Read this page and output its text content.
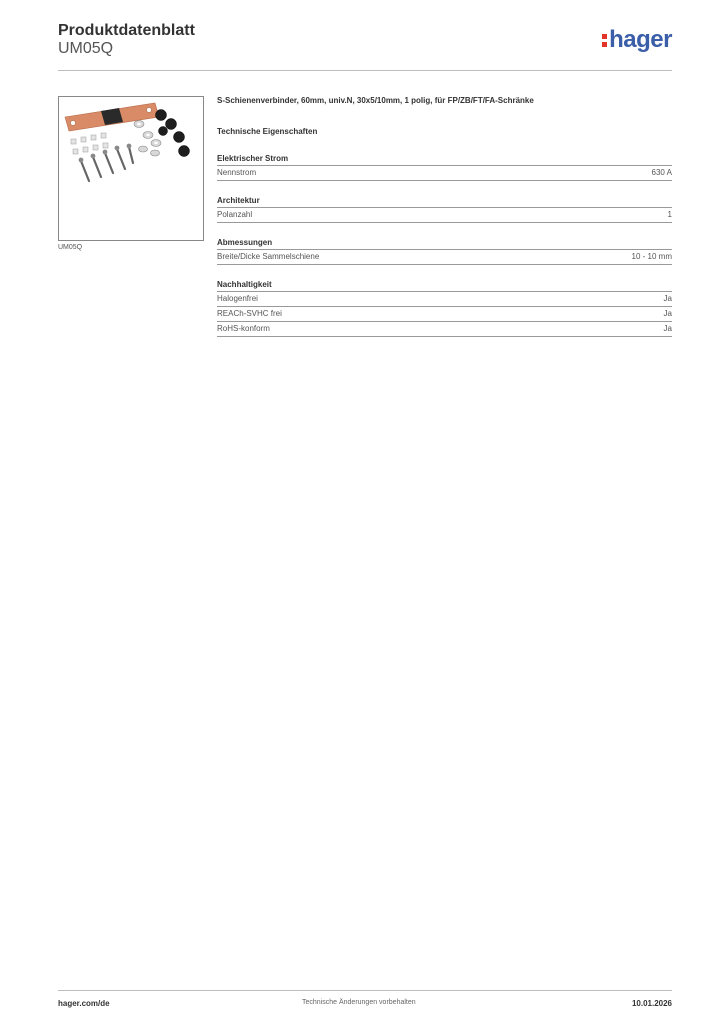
Produktdatenblatt
UM05Q	hager
UM05Q

S-Schienenverbinder, 60mm, univ.N, 30x5/10mm, 1 polig, für FP/ZB/FT/FA-Schränke

Technische Eigenschaften
Elektrischer Strom
Nennstrom	630 A
Architektur
Polanzahl	1
Abmessungen
Breite/Dicke Sammelschiene	10 - 10 mm
Nachhaltigkeit
Halogenfrei	Ja
REACh-SVHC frei	Ja
RoHS-konform	Ja
hager.com/de	Technische Änderungen vorbehalten	10.01.2026
